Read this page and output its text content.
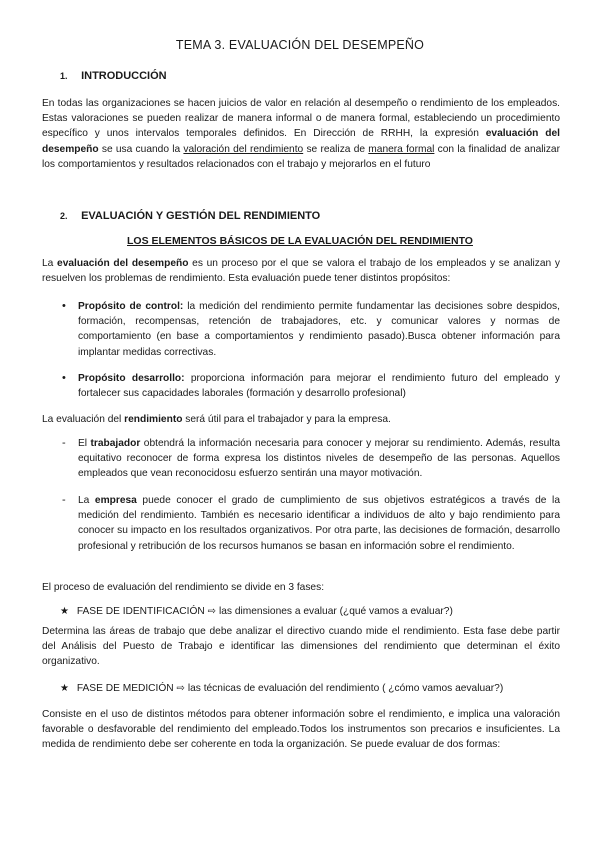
TEMA 3. EVALUACIÓN DEL DESEMPEÑO
1. INTRODUCCIÓN
En todas las organizaciones se hacen juicios de valor en relación al desempeño o rendimiento de los empleados. Estas valoraciones se pueden realizar de manera informal o de manera formal, estableciendo un procedimiento específico y unos intervalos temporales definidos. En Dirección de RRHH, la expresión evaluación del desempeño se usa cuando la valoración del rendimiento se realiza de manera formal con la finalidad de analizar los comportamientos y resultados relacionados con el trabajo y mejorarlos en el futuro
2. EVALUACIÓN Y GESTIÓN DEL RENDIMIENTO
LOS ELEMENTOS BÁSICOS DE LA EVALUACIÓN DEL RENDIMIENTO
La evaluación del desempeño es un proceso por el que se valora el trabajo de los empleados y se analizan y resuelven los problemas de rendimiento. Esta evaluación puede tener distintos propósitos:
• Propósito de control: la medición del rendimiento permite fundamentar las decisiones sobre despidos, formación, recompensas, retención de trabajadores, etc. y comunicar valores y normas de comportamiento (en base a comportamientos y rendimiento pasado).Busca obtener información para implantar medidas correctivas.
• Propósito desarrollo: proporciona información para mejorar el rendimiento futuro del empleado y fortalecer sus capacidades laborales (formación y desarrollo profesional)
La evaluación del rendimiento será útil para el trabajador y para la empresa.
- El trabajador obtendrá la información necesaria para conocer y mejorar su rendimiento. Además, resulta equitativo reconocer de forma expresa los distintos niveles de desempeño de las personas. Aquellos empleados que vean reconocidosu esfuerzo sentirán una mayor motivación.
- La empresa puede conocer el grado de cumplimiento de sus objetivos estratégicos a través de la medición del rendimiento. También es necesario identificar a individuos de alto y bajo rendimiento para conocer su impacto en los resultados organizativos. Por otra parte, las decisiones de formación, desarrollo profesional y retribución de los recursos humanos se basan en información sobre el rendimiento.
El proceso de evaluación del rendimiento se divide en 3 fases:
★ FASE DE IDENTIFICACIÓN ⇨ las dimensiones a evaluar (¿qué vamos a evaluar?)
Determina las áreas de trabajo que debe analizar el directivo cuando mide el rendimiento. Esta fase debe partir del Análisis del Puesto de Trabajo e identificar las dimensiones del rendimiento que determinan el éxito organizativo.
★ FASE DE MEDICIÓN ⇨ las técnicas de evaluación del rendimiento ( ¿cómo vamos aevaluar?)
Consiste en el uso de distintos métodos para obtener información sobre el rendimiento, e implica una valoración favorable o desfavorable del rendimiento del empleado.Todos los instrumentos son precarios e insuficientes. La medida de rendimiento debe ser coherente en toda la organización. Se puede evaluar de dos formas:
